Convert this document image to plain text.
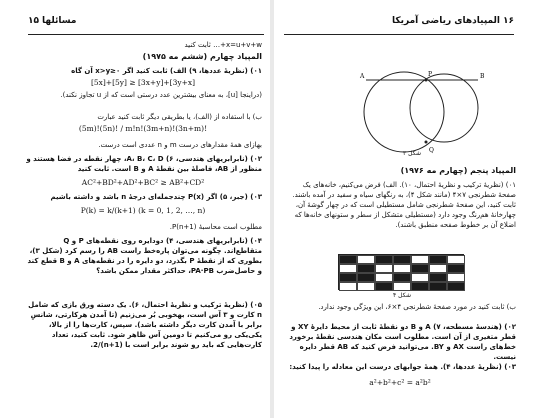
۱۵ مسائلها
x=u+v+w+… ثابت کنید
المپیاد چهارم (ششم مه ۱۹۷۵)
۰۱) (نظریهٔ عددها، ۹) الف) ثابت کنید اگر x>y≥۰ آن گاه
[5x]+[5y] ≥ [3x+y]+[3y+x]
(دراینجا [u]، به معنای بیشترین عدد درستی است که از u تجاوز نکند).
ب) با استفاده از (الف)، یا بطریقی دیگر ثابت کنید عبارت
(5m)!(5n)! / m!n!(3m+n)!(3n+m)!
بهازای همهٔ مقدارهای درست m و n عددی است درست.
۰۲) (نابرابریهای هندسی، ۶) A، B، C، D، چهار نقطه در فضا هستند و منظور از AB، فاصلهٔ بین نقطهٔ A و B است. ثابت کنید
AC²+BD²+AD²+BC² ≥ AB²+CD²
۰۳) (جبر، ۵) اگر P(x) چندجمله‌ای درجهٔ n باشد و داشته باشیم
P(k) = k/(k+1) (k = 0, 1, 2, …, n)
مطلوب است محاسبهٔ P(n+1).
۰۴) (نابرابریهای هندسی، ۴) دودایره روی نقطه‌های P و Q متقاطع‌اند. چگونه می‌توان پاره‌خط راست AB را رسم کرد (شکل ۳)، بطوری که از نقطهٔ P بگذرد، دو دایره را در نقطه‌های A و B قطع کند و حاصل‌ضرب PA·PB، حداکثر مقدار ممکن باشد؟
۰۵) (نظریهٔ ترکیب و نظریهٔ احتمال، ۶). یک دسته ورق بازی که شامل n کارت و ۳ آس است، بهخوبی بُر می‌زنیم (تا آمدن هرکارتی، شانسِ برابر با آمدن کارت دیگر داشته باشد). سپس، کارت‌ها را از بالا، یکی‌یکی رو می‌کنیم تا دومین آس ظاهر شود. ثابت کنید، تعداد کارت‌هایی که باید رو شوند برابر است با (n+1)/2.
۱۶
المپیادهای ریاضی آمریکا
A	B
P
Q
شکل ۳
المپیاد پنجم (چهارم مه ۱۹۷۶)
۰۱) (نظریهٔ ترکیب و نظریهٔ احتمال، ۱۰). الف) فرض می‌کنیم، خانه‌های یک صفحهٔ شطرنجی ۷×۴ (مانند شکل ۴)، به رنگهای سیاه و سفید در آمده باشند. ثابت کنید، این صفحهٔ شطرنجی شامل مستطیلی است که در چهار گوشهٔ آن، چهارخانهٔ هم‌رنگ وجود دارد (مستطیلی متشکل از سطر و ستونهای خانه‌ها که اضلاع آن بر خطوط صفحه منطبق باشند).
شکل ۴
ب) ثابت کنید در مورد صفحهٔ شطرنجی ۴×۶، این ویژگی وجود ندارد.
۰۲) (هندسهٔ مسطحه، ۷) A و B دو نقطهٔ ثابت از محیط دایرهٔ XY و قطر متغیری از آن است. مطلوب است مکان هندسی نقطهٔ برخورد خط‌های راست AX و BY. می‌توانید فرض کنید که AB قطر دایره نیست.
۰۳) (نظریهٔ عددها، ۴). همهٔ جوابهای درست این معادله را پیدا کنید:
a²+b²+c² = a²b²
